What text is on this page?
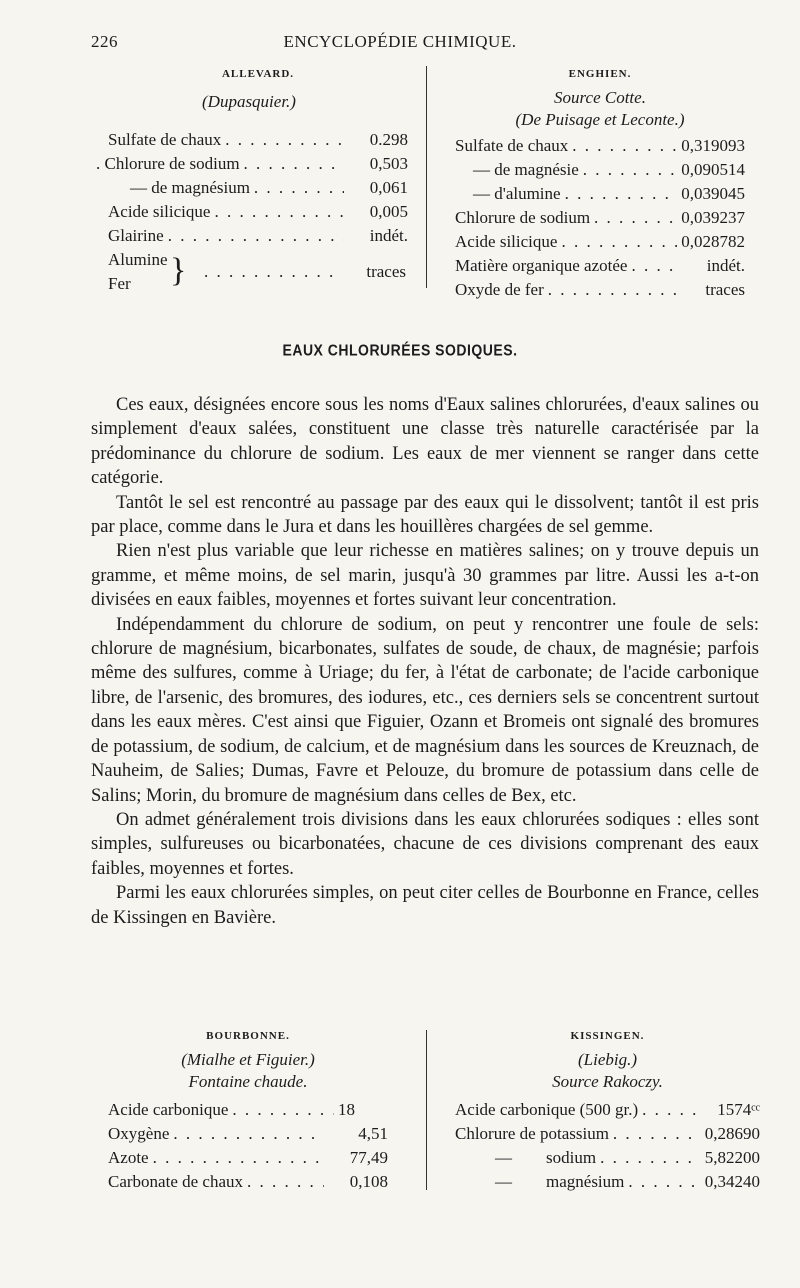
226	ENCYCLOPÉDIE CHIMIQUE.
ALLEVARD.
(Dupasquier.)
Sulfate de chaux . . .	0.298
. Chlorure de sodium . . .	0,503
— de magnésium . . .	0,061
Acide silicique . . .	0,005
Glairine . . .	indét.
Alumine
Fer } . . . . . . . . . . . traces
ENGHIEN.
Source Cotte.
(De Puisage et Leconte.)
Sulfate de chaux . . .	0,319093
— de magnésie . . .	0,090514
— d'alumine . . .	0,039045
Chlorure de sodium . . .	0,039237
Acide silicique . . .	0,028782
Matière organique azotée . . .	indét.
Oxyde de fer . . .	traces
EAUX CHLORURÉES SODIQUES.

Ces eaux, désignées encore sous les noms d'Eaux salines chlorurées, d'eaux salines ou simplement d'eaux salées, constituent une classe très naturelle caractérisée par la prédominance du chlorure de sodium. Les eaux de mer viennent se ranger dans cette catégorie.

Tantôt le sel est rencontré au passage par des eaux qui le dissolvent; tantôt il est pris par place, comme dans le Jura et dans les houillères chargées de sel gemme.

Rien n'est plus variable que leur richesse en matières salines; on y trouve depuis un gramme, et même moins, de sel marin, jusqu'à 30 grammes par litre. Aussi les a-t-on divisées en eaux faibles, moyennes et fortes suivant leur concentration.

Indépendamment du chlorure de sodium, on peut y rencontrer une foule de sels: chlorure de magnésium, bicarbonates, sulfates de soude, de chaux, de magnésie; parfois même des sulfures, comme à Uriage; du fer, à l'état de carbonate; de l'acide carbonique libre, de l'arsenic, des bromures, des iodures, etc., ces derniers sels se concentrent surtout dans les eaux mères. C'est ainsi que Figuier, Ozann et Bromeis ont signalé des bromures de potassium, de sodium, de calcium, et de magnésium dans les sources de Kreuznach, de Nauheim, de Salies; Dumas, Favre et Pelouze, du bromure de potassium dans celle de Salins; Morin, du bromure de magnésium dans celles de Bex, etc.

On admet généralement trois divisions dans les eaux chlorurées sodiques : elles sont simples, sulfureuses ou bicarbonatées, chacune de ces divisions comprenant des eaux faibles, moyennes et fortes.

Parmi les eaux chlorurées simples, on peut citer celles de Bourbonne en France, celles de Kissingen en Bavière.

BOURBONNE.
(Mialhe et Figuier.)
Fontaine chaude.
Acide carbonique . . .	18
Oxygène . . .	4,51
Azote . . .	77,49
Carbonate de chaux . . .	0,108
KISSINGEN.
(Liebig.)
Source Rakoczy.
Acide carbonique (500 gr.) . . .	1574ᶜᶜ
Chlorure de potassium . . .	0,28690
—        sodium . . .	5,82200
—        magnésium . . .	0,34240
